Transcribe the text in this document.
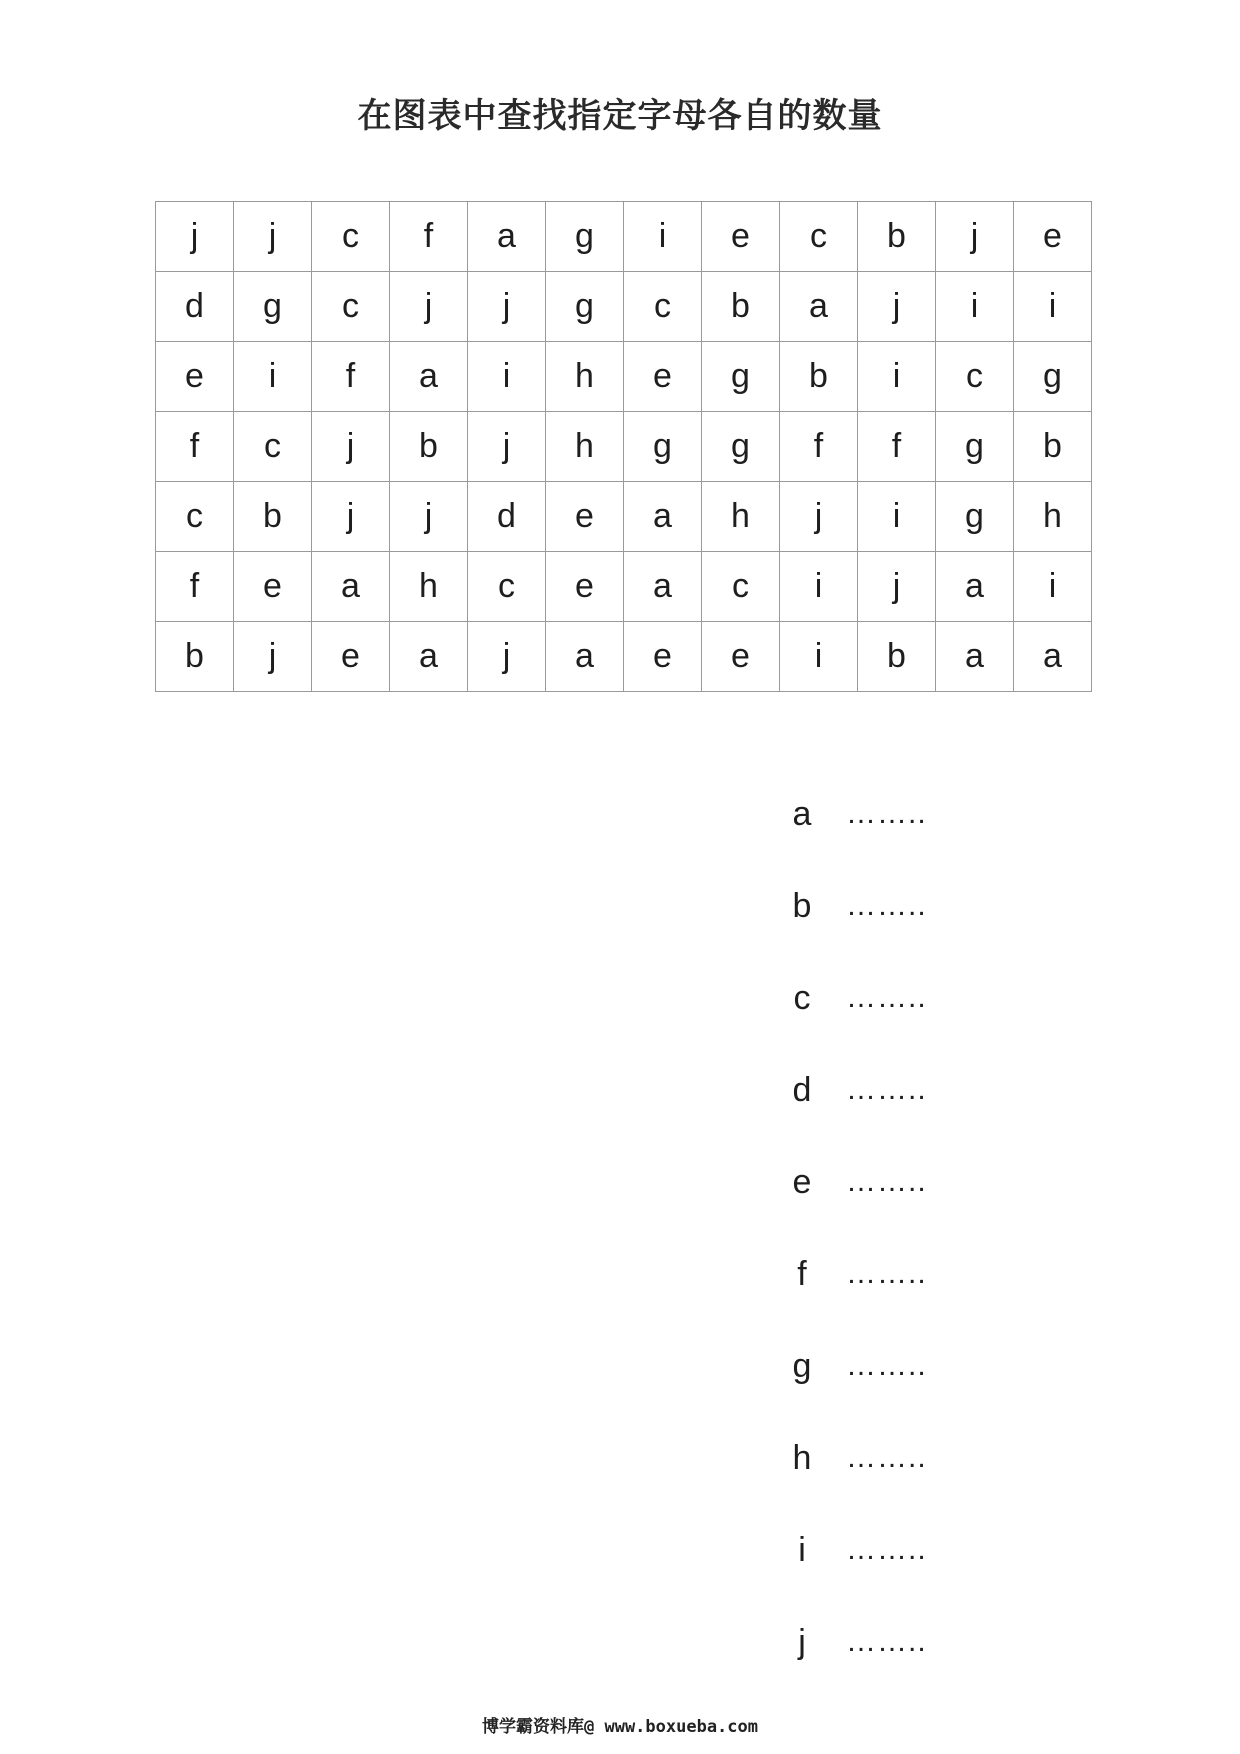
在图表中查找指定字母各自的数量
j	j	c	f	a	g	i	e	c	b	j	e
d	g	c	j	j	g	c	b	a	j	i	i
e	i	f	a	i	h	e	g	b	i	c	g
f	c	j	b	j	h	g	g	f	f	g	b
c	b	j	j	d	e	a	h	j	i	g	h
f	e	a	h	c	e	a	c	i	j	a	i
b	j	e	a	j	a	e	e	i	b	a	a
a	……..
b	……..
c	……..
d	……..
e	……..
f	……..
g	……..
h	……..
i	……..
j	……..
博学霸资料库@ www.boxueba.com
